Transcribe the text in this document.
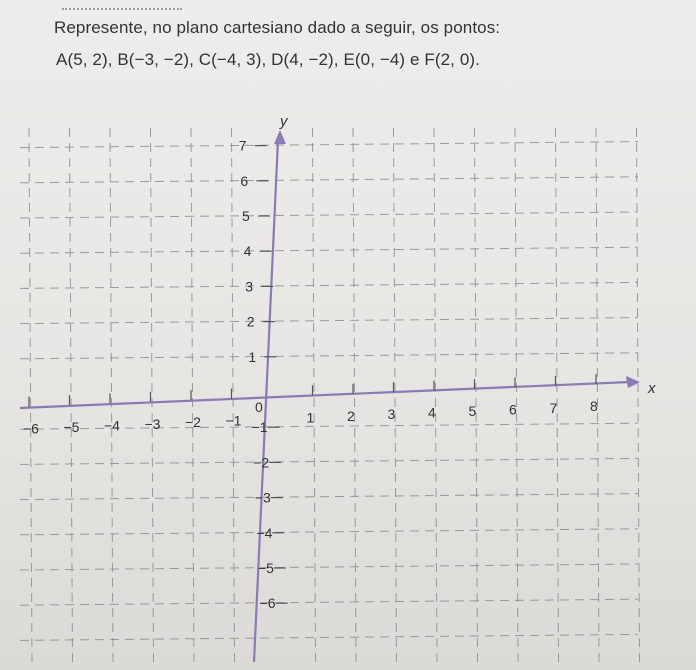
Represente, no plano cartesiano dado a seguir, os pontos:
A(5, 2), B(−3, −2), C(−4, 3), D(4, −2), E(0, −4) e F(2, 0).
−6 −5 −4 −3 −2 −1	1 2 3 4 5 6 7 8
7
6
5
4
3
2
1
−1
−2
−3
−4
−5
−6
0
x
y
